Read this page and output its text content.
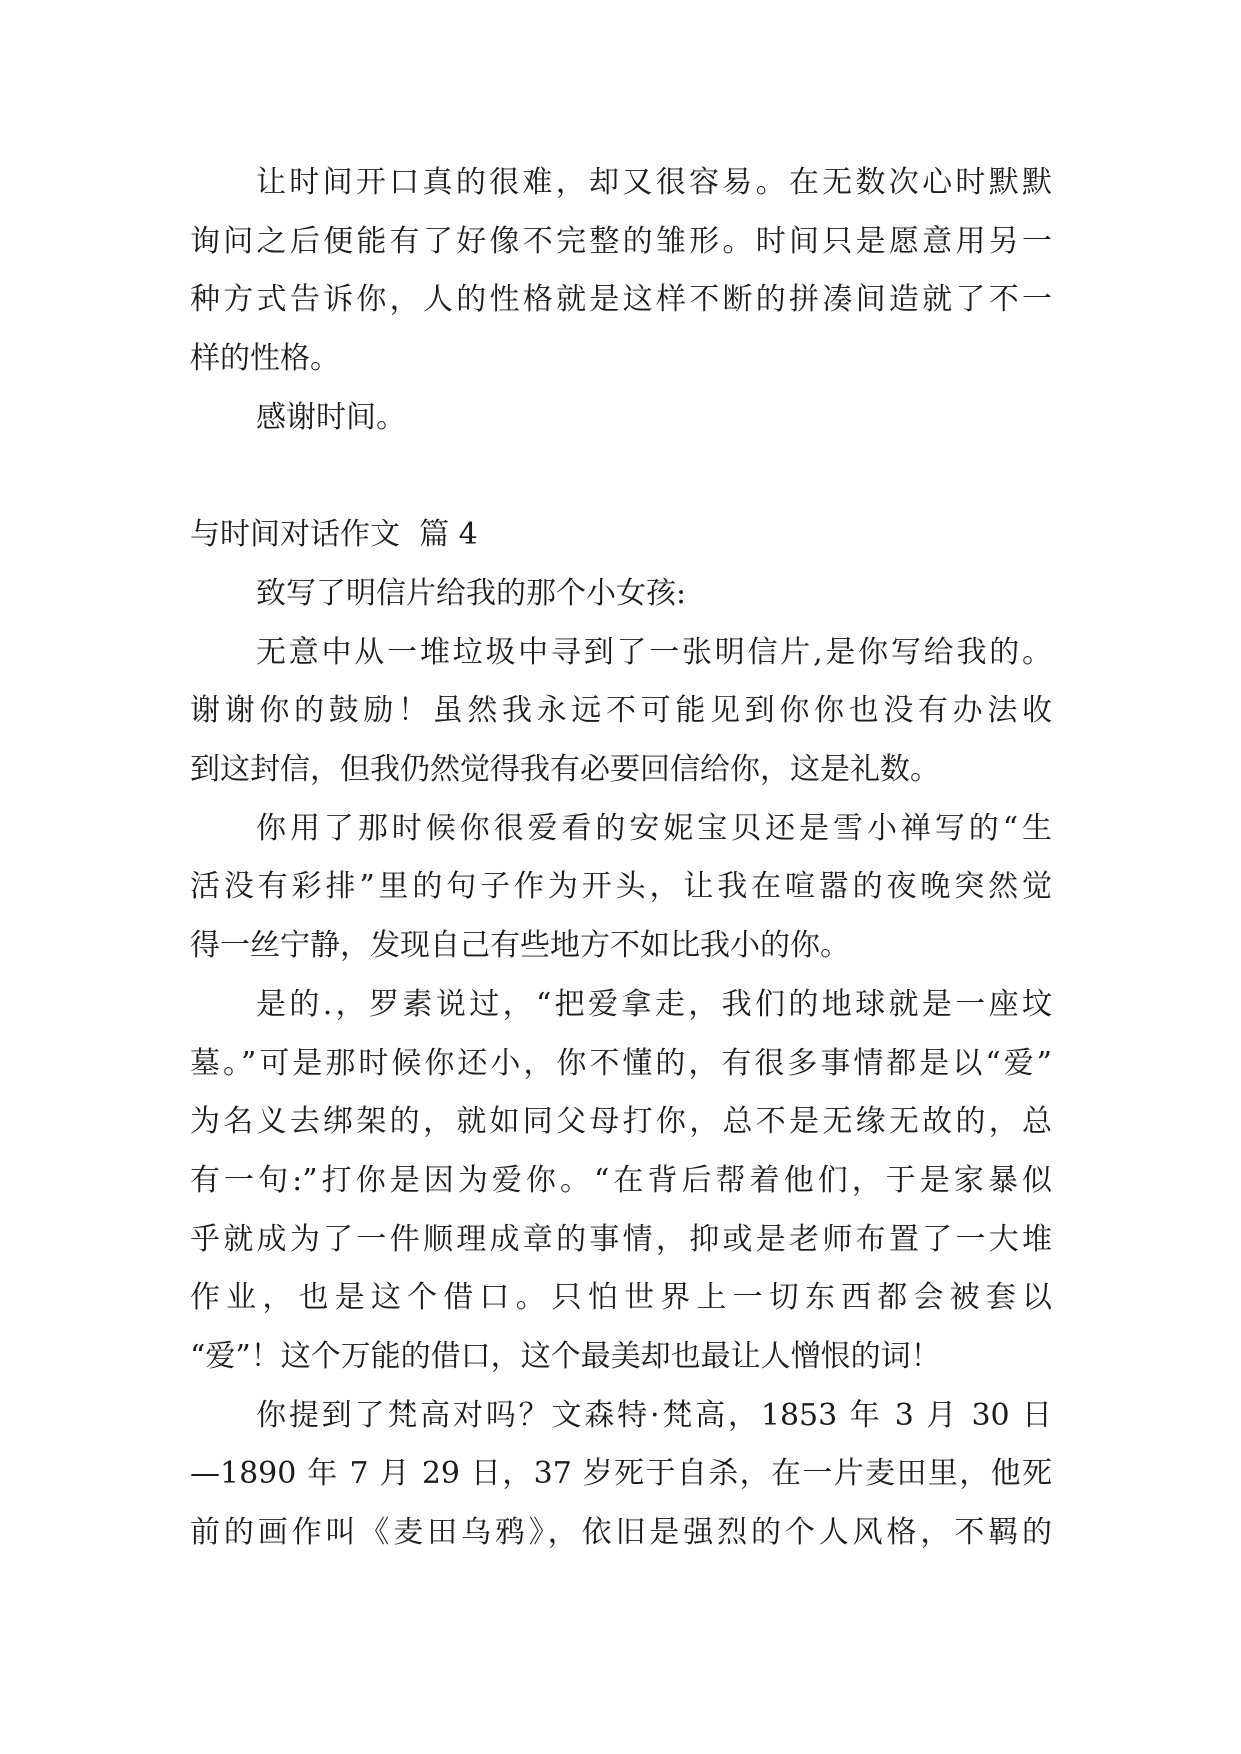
让时间开口真的很难，却又很容易。在无数次心时默默
询问之后便能有了好像不完整的雏形。时间只是愿意用另一
种方式告诉你，人的性格就是这样不断的拼凑间造就了不一
样的性格。
感谢时间。
与时间对话作文  篇 4
致写了明信片给我的那个小女孩:
无意中从一堆垃圾中寻到了一张明信片,是你写给我的。
谢谢你的鼓励！虽然我永远不可能见到你你也没有办法收
到这封信，但我仍然觉得我有必要回信给你，这是礼数。
你用了那时候你很爱看的安妮宝贝还是雪小禅写的“生
活没有彩排”里的句子作为开头，让我在喧嚣的夜晚突然觉
得一丝宁静，发现自己有些地方不如比我小的你。
是的.，罗素说过，“把爱拿走，我们的地球就是一座坟
墓。”可是那时候你还小，你不懂的，有很多事情都是以“爱”
为名义去绑架的，就如同父母打你，总不是无缘无故的，总
有一句:”打你是因为爱你。“在背后帮着他们，于是家暴似
乎就成为了一件顺理成章的事情，抑或是老师布置了一大堆
作业，也是这个借口。只怕世界上一切东西都会被套以
“爱”！这个万能的借口，这个最美却也最让人憎恨的词！
你提到了梵高对吗？文森特·梵高，1853 年 3 月 30 日
—1890 年 7 月 29 日，37 岁死于自杀，在一片麦田里，他死
前的画作叫《麦田乌鸦》，依旧是强烈的个人风格，不羁的
